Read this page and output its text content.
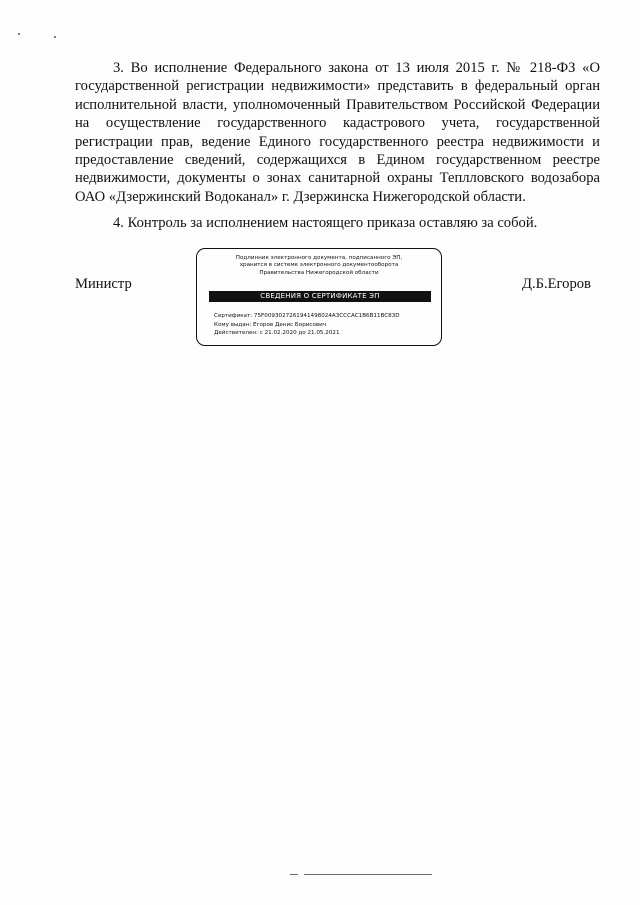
3. Во исполнение Федерального закона от 13 июля 2015 г. № 218-ФЗ «О государственной регистрации недвижимости» представить в федеральный орган исполнительной власти, уполномоченный Правительством Российской Федерации на осуществление государственного кадастрового учета, государственной регистрации прав, ведение Единого государственного реестра недвижимости и предоставление сведений, содержащихся в Едином государственном реестре недвижимости, документы о зонах санитарной охраны Теплловского водозабора ОАО «Дзержинский Водоканал» г. Дзержинска Нижегородской области.

4. Контроль за исполнением настоящего приказа оставляю за собой.

Министр
Подлинник электронного документа, подписанного ЭП,
хранится в системе электронного документооборота
Правительства Нижегородской области
СВЕДЕНИЯ О СЕРТИФИКАТЕ ЭП
Сертификат: 75F0093027261941498024A3CCCAC1B6B11BC83D
Кому выдан: Егоров Денис Борисович
Действителен: с 21.02.2020 до 21.05.2021
Д.Б.Егоров
